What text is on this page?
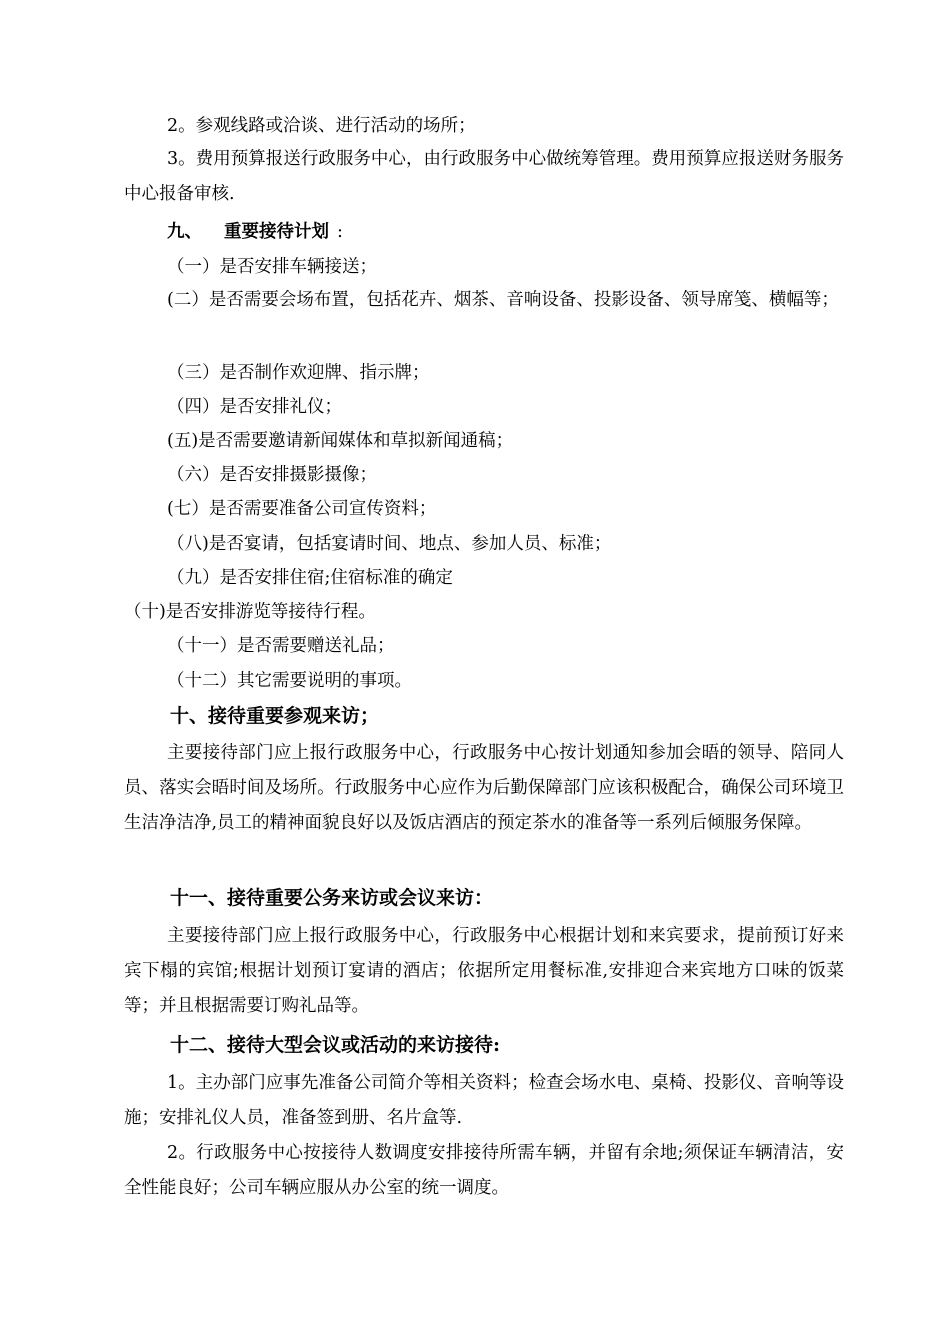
2。参观线路或洽谈、进行活动的场所；
3。费用预算报送行政服务中心，由行政服务中心做统筹管理。费用预算应报送财务服务中心报备审核.
九、 重要接待计划 :
（一）是否安排车辆接送；
(二）是否需要会场布置，包括花卉、烟茶、音响设备、投影设备、领导席笺、横幅等；
（三）是否制作欢迎牌、指示牌；
（四）是否安排礼仪；
(五)是否需要邀请新闻媒体和草拟新闻通稿；
（六）是否安排摄影摄像；
(七）是否需要准备公司宣传资料；
（八)是否宴请，包括宴请时间、地点、参加人员、标准；
（九）是否安排住宿;住宿标准的确定
（十)是否安排游览等接待行程。
（十一）是否需要赠送礼品；
（十二）其它需要说明的事项。
十、接待重要参观来访；
主要接待部门应上报行政服务中心，行政服务中心按计划通知参加会晤的领导、陪同人员、落实会晤时间及场所。行政服务中心应作为后勤保障部门应该积极配合，确保公司环境卫生洁净洁净,员工的精神面貌良好以及饭店酒店的预定茶水的准备等一系列后倾服务保障。
十一、接待重要公务来访或会议来访：
主要接待部门应上报行政服务中心，行政服务中心根据计划和来宾要求，提前预订好来宾下榻的宾馆;根据计划预订宴请的酒店；依据所定用餐标准,安排迎合来宾地方口味的饭菜等；并且根据需要订购礼品等。
十二、接待大型会议或活动的来访接待:
1。主办部门应事先准备公司简介等相关资料；检查会场水电、桌椅、投影仪、音响等设施；安排礼仪人员，准备签到册、名片盒等.
2。行政服务中心按接待人数调度安排接待所需车辆，并留有余地;须保证车辆清洁，安全性能良好；公司车辆应服从办公室的统一调度。
